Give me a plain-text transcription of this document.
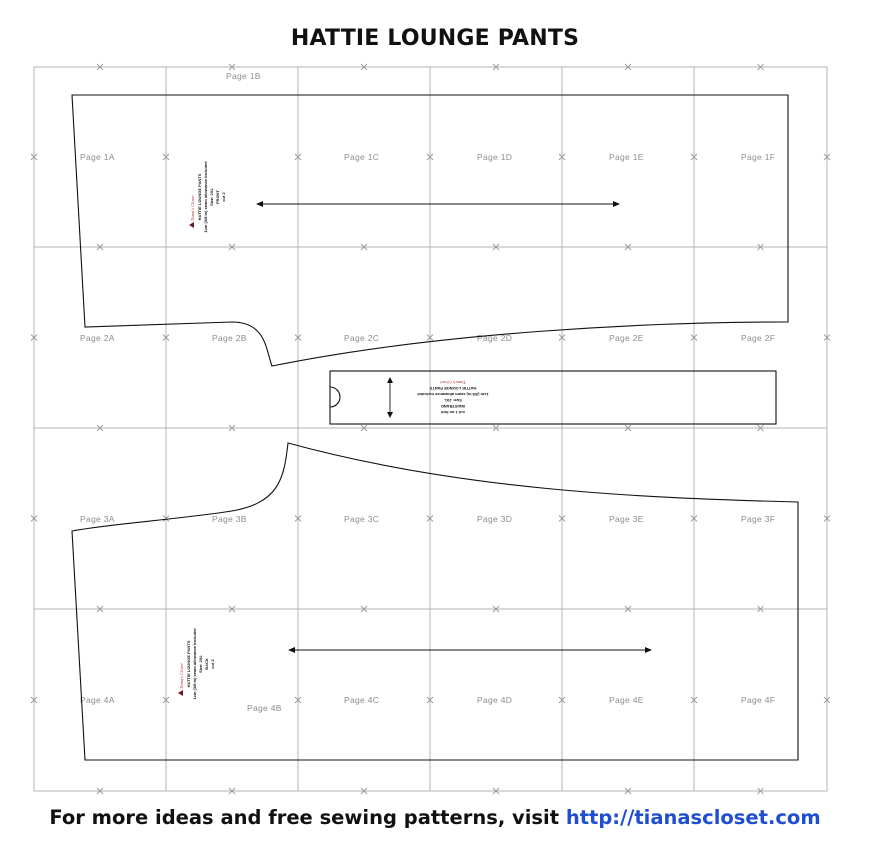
Page 1A
Page 1B
Page 1C	Page 1D	Page 1E	Page 1F
Page 2A	Page 2B	Page 2C	Page 2D	Page 2E	Page 2F
Page 3A	Page 3B	Page 3C	Page 3D	Page 3E	Page 3F
Page 4A
Page 4B
Page 4C	Page 4D	Page 4E	Page 4F
Tiana's Closet HATTIE LOUNGE PANTS 1cm (3/8 in) seam allowance included Size: 2XL FRONT cut 2
cut 1 on fold
WAISTBAND
Size: 2XL
1cm (3/8 in) seam allowance included
HATTIE LOUNGE PANTS
Tiana's Closet
Tiana's Closet HATTIE LOUNGE PANTS 1cm (3/8 in) seam allowance included Size: 2XL BACK cut 2
HATTIE LOUNGE PANTS
For more ideas and free sewing patterns, visit http://tianascloset.com
